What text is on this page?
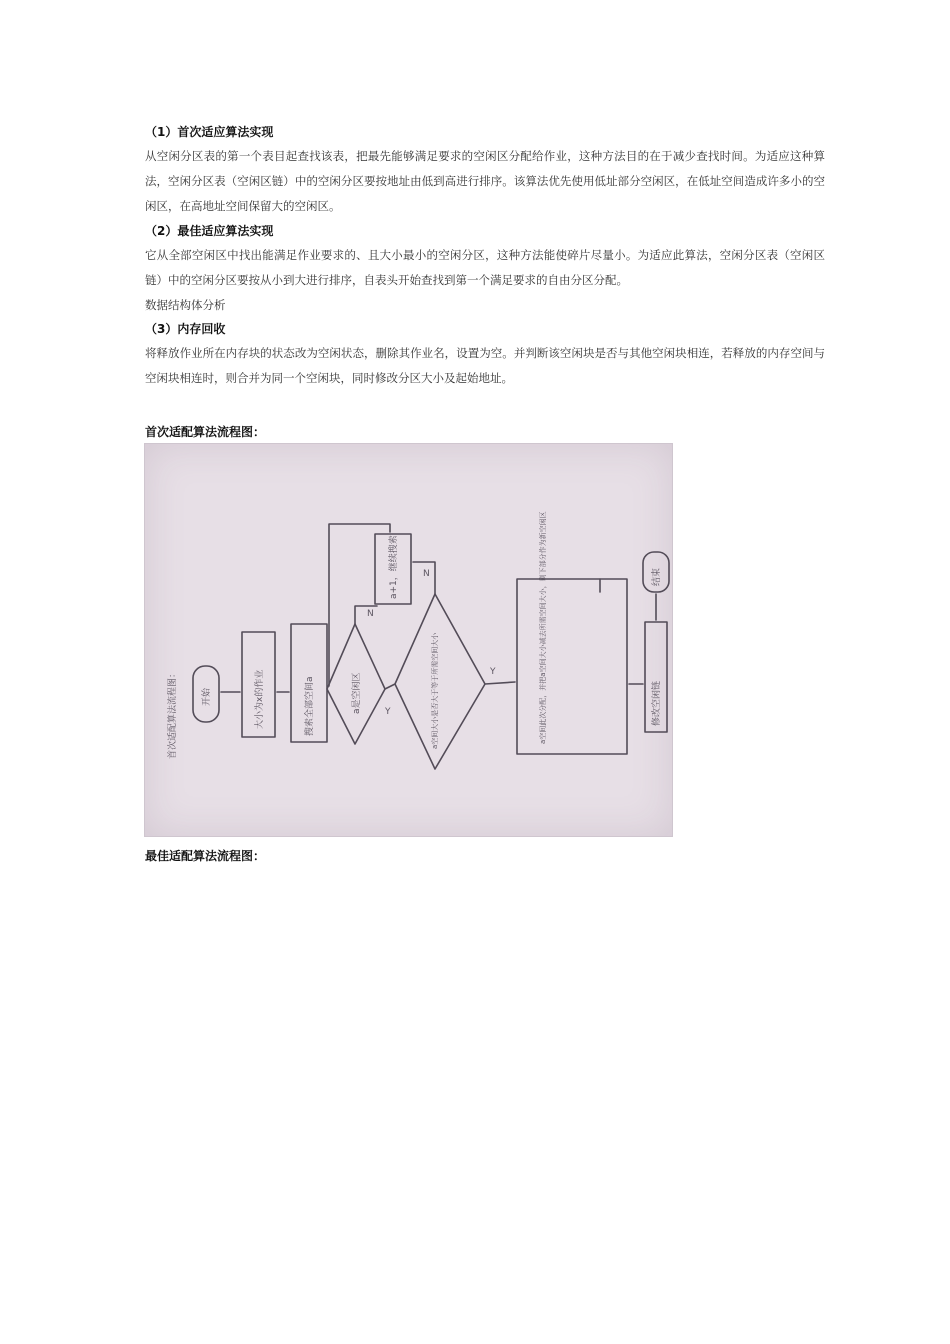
（1）首次适应算法实现

从空闲分区表的第一个表目起查找该表，把最先能够满足要求的空闲区分配给作业，这种方法目的在于减少查找时间。为适应这种算法，空闲分区表（空闲区链）中的空闲分区要按地址由低到高进行排序。该算法优先使用低址部分空闲区，在低址空间造成许多小的空闲区，在高地址空间保留大的空闲区。

（2）最佳适应算法实现

它从全部空闲区中找出能满足作业要求的、且大小最小的空闲分区，这种方法能使碎片尽量小。为适应此算法，空闲分区表（空闲区链）中的空闲分区要按从小到大进行排序，自表头开始查找到第一个满足要求的自由分区分配。

数据结构体分析

（3）内存回收

将释放作业所在内存块的状态改为空闲状态，删除其作业名，设置为空。并判断该空闲块是否与其他空闲块相连，若释放的内存空间与空闲块相连时，则合并为同一个空闲块，同时修改分区大小及起始地址。

首次适配算法流程图：

首次适配算法流程图：	开始	大小为x的作业	搜索全部空间a	a是空闲区
a+1，继续搜索
a空间大小是否大于等于所需空间大小	a空间此次分配，并把a空间大小减去所需空间大小，剩下部分作为新空闲区	修改空闲链
结束
Y
N
Y
N

最佳适配算法流程图：
